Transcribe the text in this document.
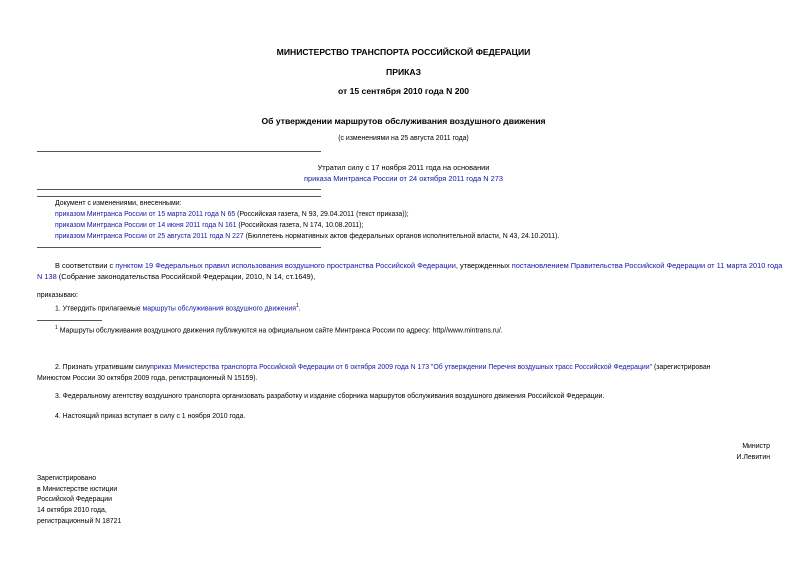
МИНИСТЕРСТВО ТРАНСПОРТА РОССИЙСКОЙ ФЕДЕРАЦИИ
ПРИКАЗ
от 15 сентября 2010 года N 200
Об утверждении маршрутов обслуживания воздушного движения
(с изменениями на 25 августа 2011 года)
Утратил силу с 17 ноября 2011 года на основании
приказа Минтранса России от 24 октября 2011 года N 273
Документ с изменениями, внесенными:
приказом Минтранса России от 15 марта 2011 года N 65 (Российская газета, N 93, 29.04.2011 (текст приказа));
приказом Минтранса России от 14 июня 2011 года N 161 (Российская газета, N 174, 10.08.2011);
приказом Минтранса России от 25 августа 2011 года N 227 (Бюллетень нормативных актов федеральных органов исполнительной власти, N 43, 24.10.2011).
В соответствии с пунктом 19 Федеральных правил использования воздушного пространства Российской Федерации, утвержденных постановлением Правительства Российской Федерации от 11 марта 2010 года
N 138 (Собрание законодательства Российской Федерации, 2010, N 14, ст.1649),
приказываю:
1. Утвердить прилагаемые маршруты обслуживания воздушного движения$^1$.
$^1$ Маршруты обслуживания воздушного движения публикуются на официальном сайте Минтранса России по адресу: http//www.mintrans.ru/.
2. Признать утратившим силуприказ Министерства транспорта Российской Федерации от 6 октября 2009 года N 173 "Об утверждении Перечня воздушных трасс Российской Федерации" (зарегистрирован
Минюстом России 30 октября 2009 года, регистрационный N 15159).
3. Федеральному агентству воздушного транспорта организовать разработку и издание сборника маршрутов обслуживания воздушного движения Российской Федерации.
4. Настоящий приказ вступает в силу с 1 ноября 2010 года.
Министр
И.Левитин
Зарегистрировано
в Министерстве юстиции
Российской Федерации
14 октября 2010 года,
регистрационный N 18721
